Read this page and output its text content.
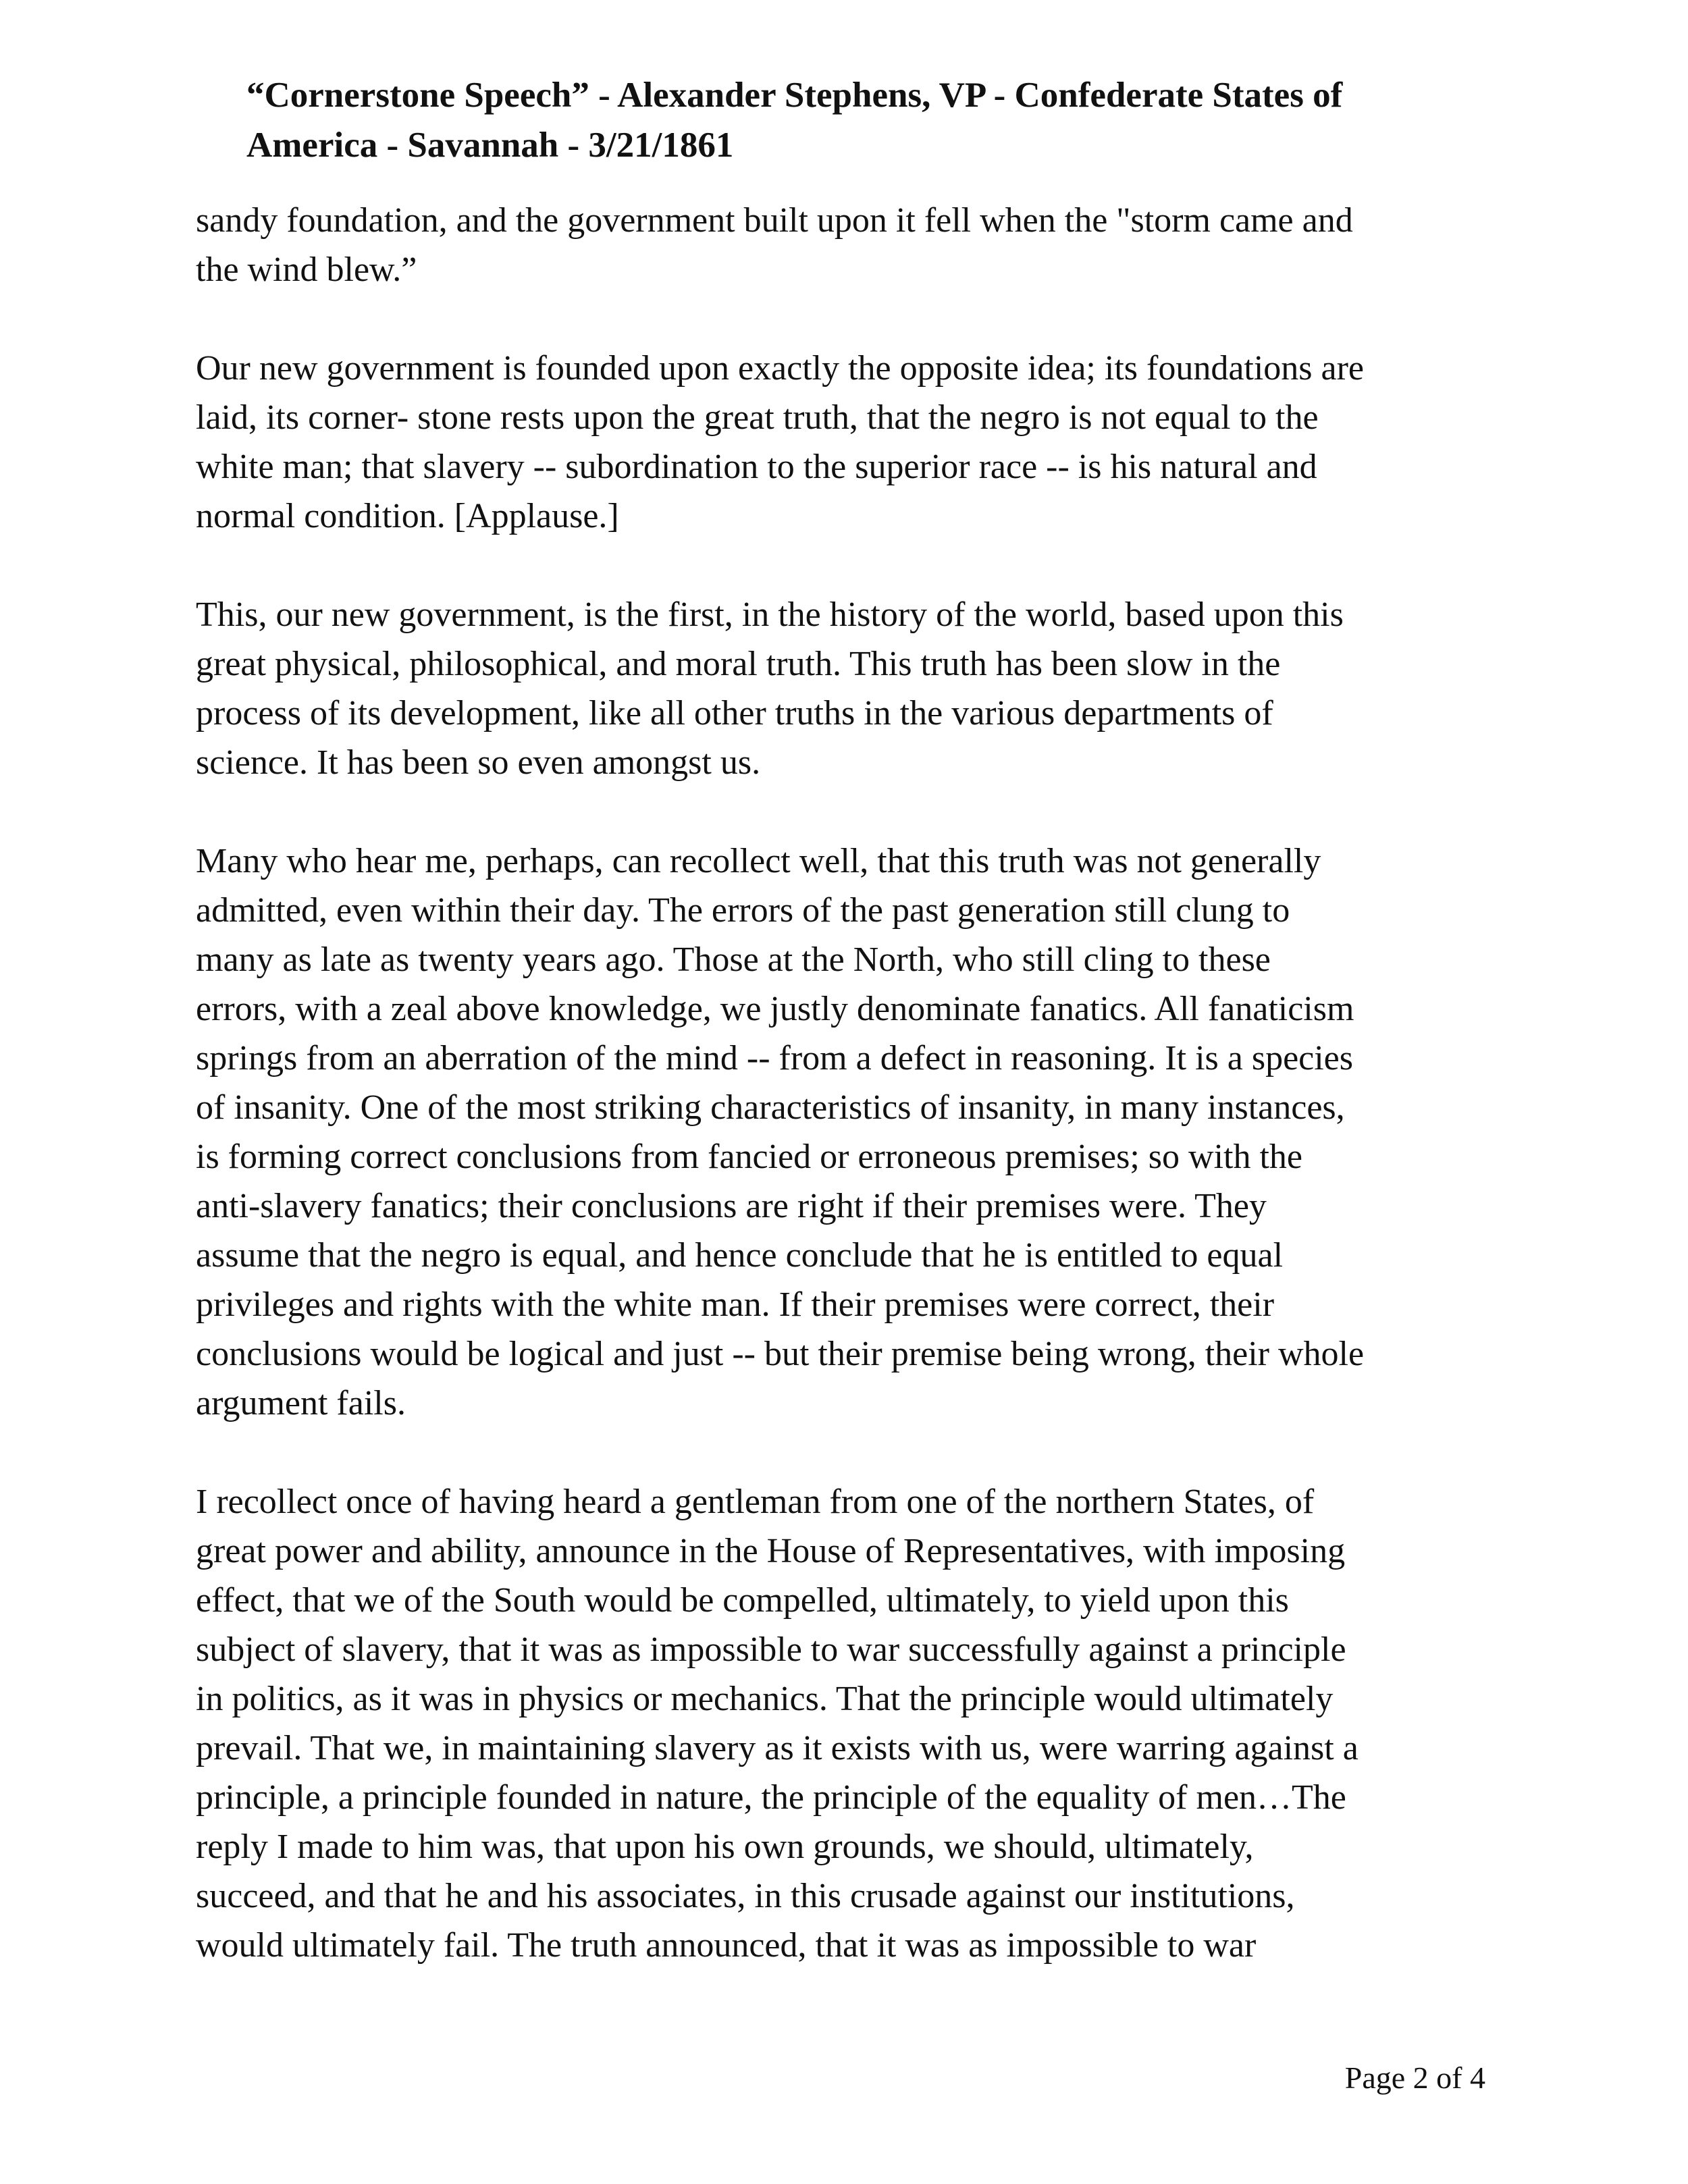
“Cornerstone Speech” - Alexander Stephens, VP - Confederate States of
America - Savannah - 3/21/1861
sandy foundation, and the government built upon it fell when the "storm came and
the wind blew.”
Our new government is founded upon exactly the opposite idea; its foundations are
laid, its corner- stone rests upon the great truth, that the negro is not equal to the
white man; that slavery -- subordination to the superior race -- is his natural and
normal condition. [Applause.]
This, our new government, is the first, in the history of the world, based upon this
great physical, philosophical, and moral truth. This truth has been slow in the
process of its development, like all other truths in the various departments of
science. It has been so even amongst us.
Many who hear me, perhaps, can recollect well, that this truth was not generally
admitted, even within their day. The errors of the past generation still clung to
many as late as twenty years ago. Those at the North, who still cling to these
errors, with a zeal above knowledge, we justly denominate fanatics. All fanaticism
springs from an aberration of the mind -- from a defect in reasoning. It is a species
of insanity. One of the most striking characteristics of insanity, in many instances,
is forming correct conclusions from fancied or erroneous premises; so with the
anti-slavery fanatics; their conclusions are right if their premises were. They
assume that the negro is equal, and hence conclude that he is entitled to equal
privileges and rights with the white man. If their premises were correct, their
conclusions would be logical and just -- but their premise being wrong, their whole
argument fails.
I recollect once of having heard a gentleman from one of the northern States, of
great power and ability, announce in the House of Representatives, with imposing
effect, that we of the South would be compelled, ultimately, to yield upon this
subject of slavery, that it was as impossible to war successfully against a principle
in politics, as it was in physics or mechanics. That the principle would ultimately
prevail. That we, in maintaining slavery as it exists with us, were warring against a
principle, a principle founded in nature, the principle of the equality of men…The
reply I made to him was, that upon his own grounds, we should, ultimately,
succeed, and that he and his associates, in this crusade against our institutions,
would ultimately fail. The truth announced, that it was as impossible to war
Page 2 of 4
